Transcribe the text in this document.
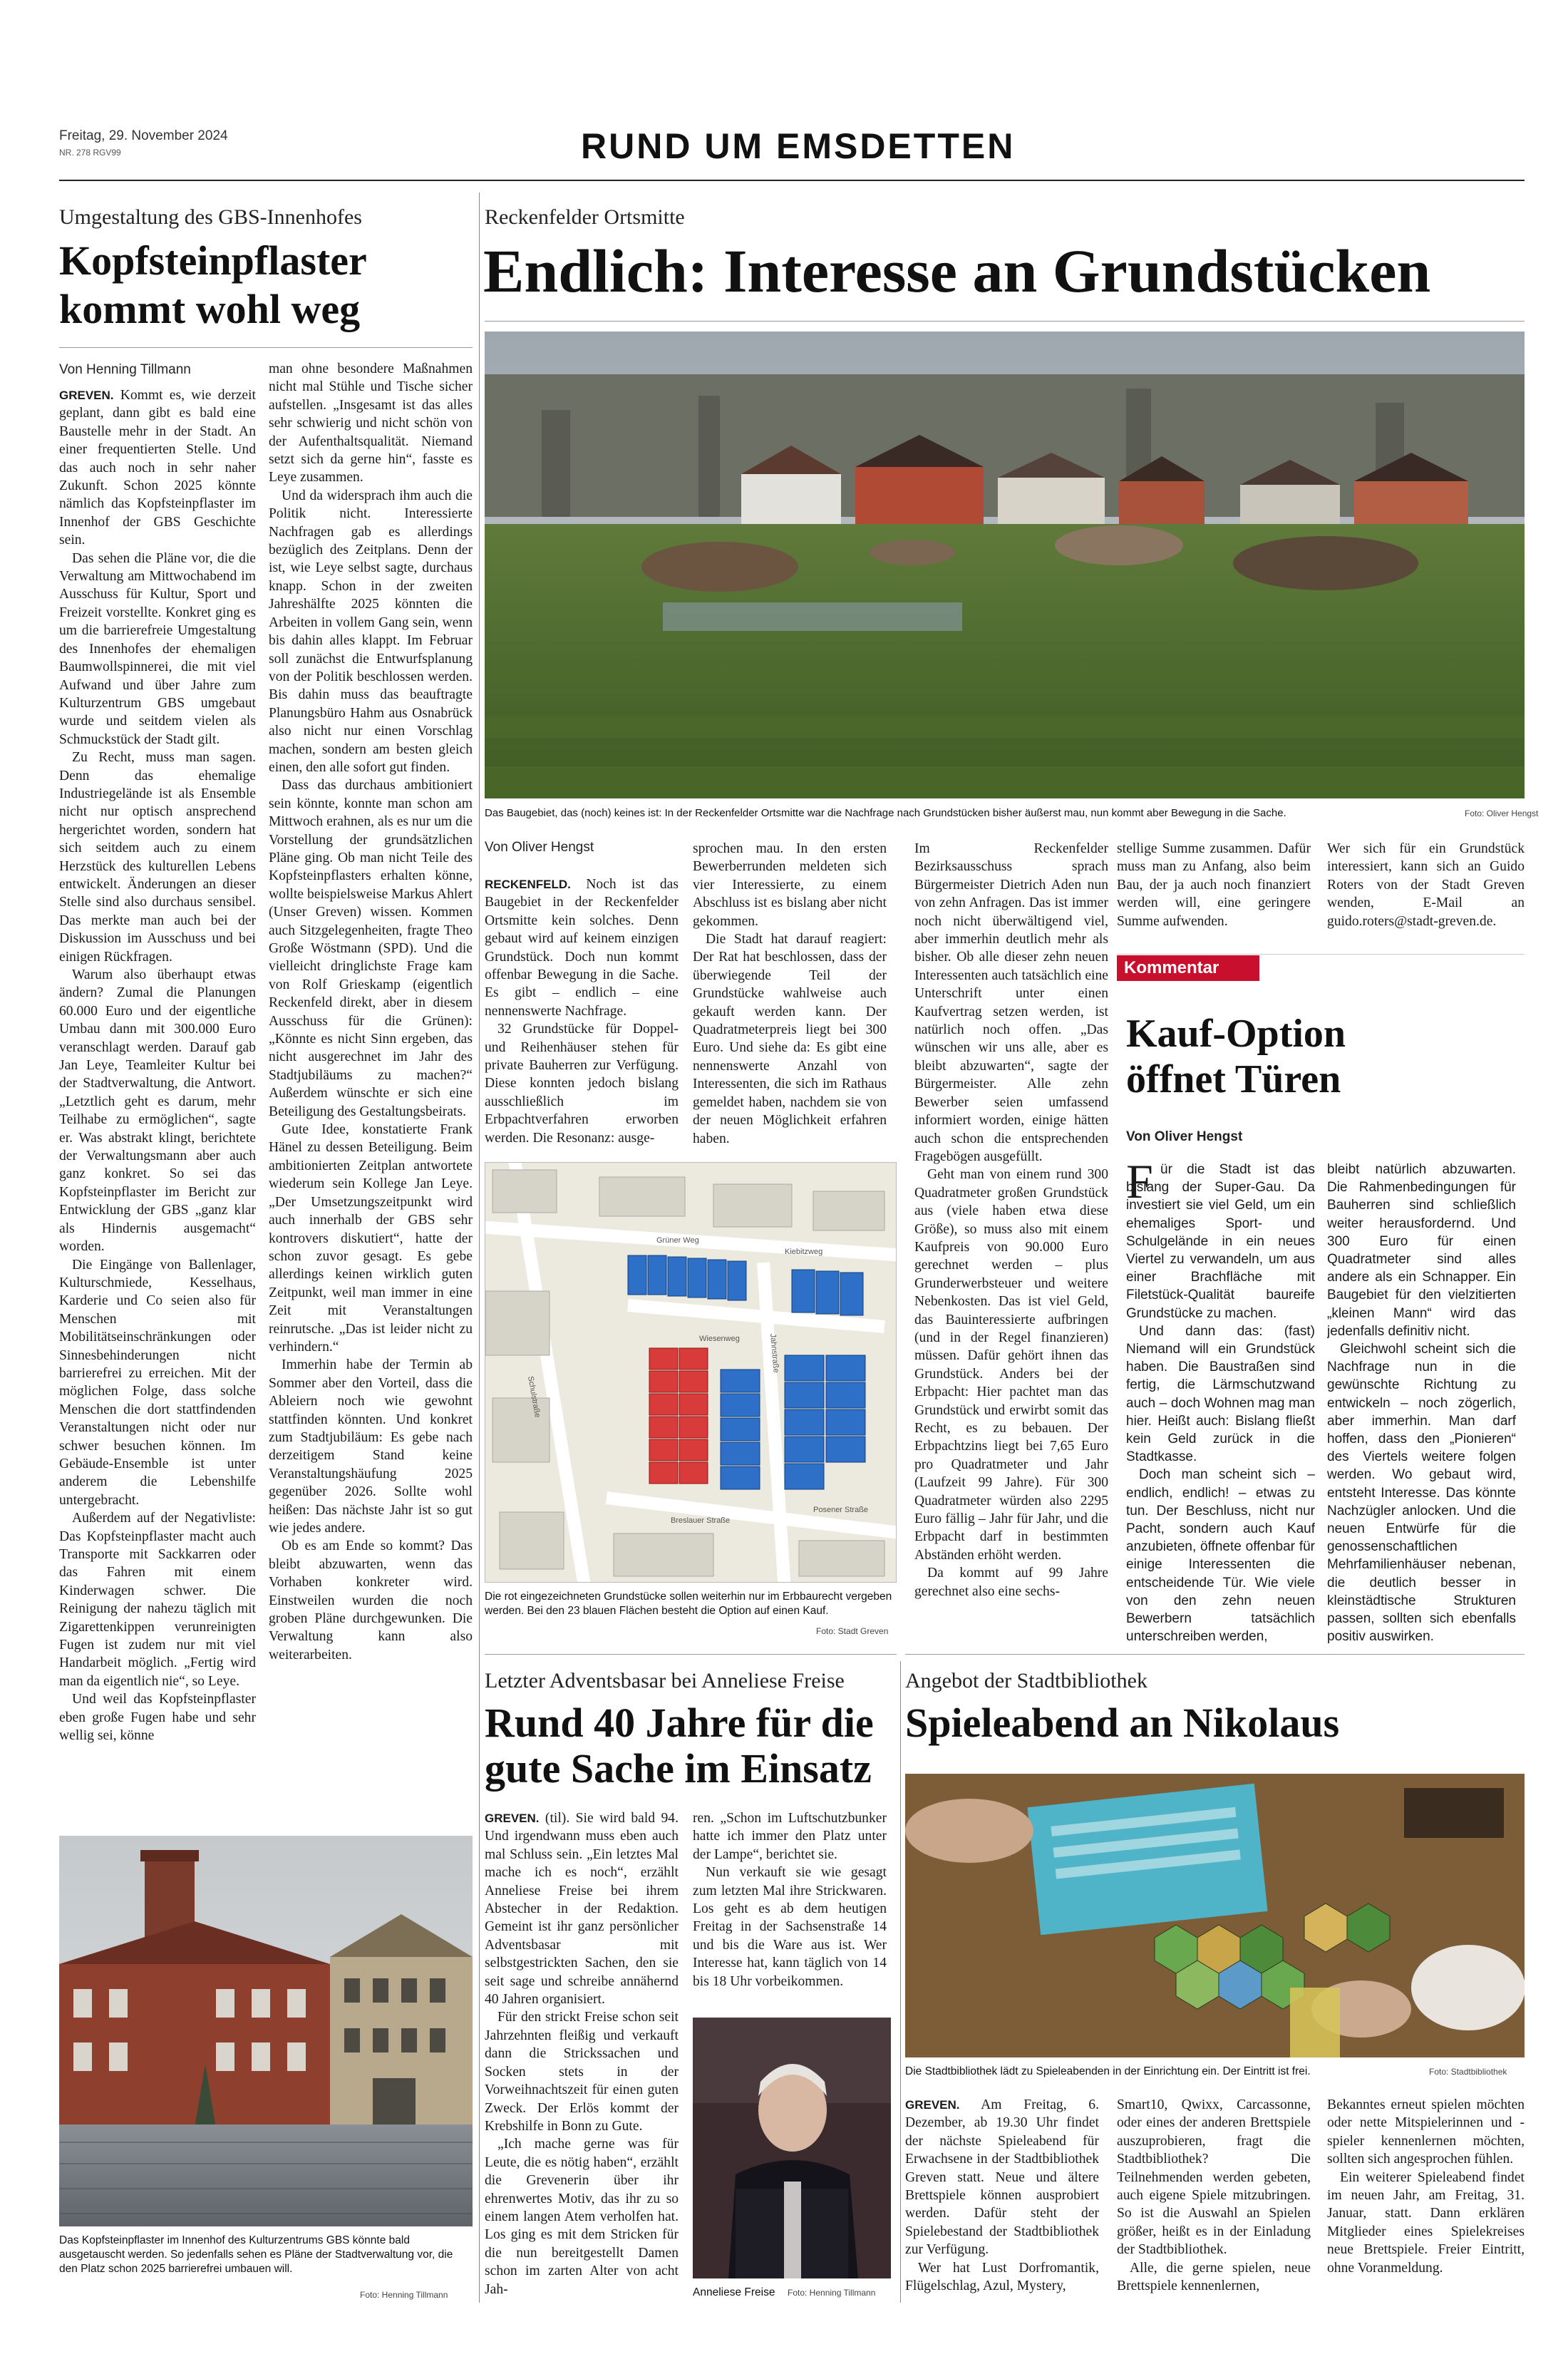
Freitag, 29. November 2024
NR. 278 RGV99	RUND UM EMSDETTEN
Umgestaltung des GBS-Innenhofes
Kopfsteinpflaster
kommt wohl weg
Von Henning Tillmann

GREVEN. Kommt es, wie derzeit geplant, dann gibt es bald eine Baustelle mehr in der Stadt. An einer frequentierten Stelle. Und das auch noch in sehr naher Zukunft. Schon 2025 könnte nämlich das Kopfsteinpflaster im Innenhof der GBS Geschichte sein.

Das sehen die Pläne vor, die die Verwaltung am Mittwochabend im Ausschuss für Kultur, Sport und Freizeit vorstellte. Konkret ging es um die barrierefreie Umgestaltung des Innenhofes der ehemaligen Baumwollspinnerei, die mit viel Aufwand und über Jahre zum Kulturzentrum GBS umgebaut wurde und seitdem vielen als Schmuckstück der Stadt gilt.

Zu Recht, muss man sagen. Denn das ehemalige Industriegelände ist als Ensemble nicht nur optisch ansprechend hergerichtet worden, sondern hat sich seitdem auch zu einem Herzstück des kulturellen Lebens entwickelt. Änderungen an dieser Stelle sind also durchaus sensibel. Das merkte man auch bei der Diskussion im Ausschuss und bei einigen Rückfragen.

Warum also überhaupt etwas ändern? Zumal die Planungen 60.000 Euro und der eigentliche Umbau dann mit 300.000 Euro veranschlagt werden. Darauf gab Jan Leye, Teamleiter Kultur bei der Stadtverwaltung, die Antwort. „Letztlich geht es darum, mehr Teilhabe zu ermöglichen“, sagte er. Was abstrakt klingt, berichtete der Verwaltungsmann aber auch ganz konkret. So sei das Kopfsteinpflaster im Bericht zur Entwicklung der GBS „ganz klar als Hindernis ausgemacht“ worden.

Die Eingänge von Ballenlager, Kulturschmiede, Kesselhaus, Karderie und Co seien also für Menschen mit Mobilitätseinschränkungen oder Sinnesbehinderungen nicht barrierefrei zu erreichen. Mit der möglichen Folge, dass solche Menschen die dort stattfindenden Veranstaltungen nicht oder nur schwer besuchen können. Im Gebäude-Ensemble ist unter anderem die Lebenshilfe untergebracht.

Außerdem auf der Negativliste: Das Kopfsteinpflaster macht auch Transporte mit Sackkarren oder das Fahren mit einem Kinderwagen schwer. Die Reinigung der nahezu täglich mit Zigarettenkippen verunreinigten Fugen ist zudem nur mit viel Handarbeit möglich. „Fertig wird man da eigentlich nie“, so Leye.

Und weil das Kopfsteinpflaster eben große Fugen habe und sehr wellig sei, könne

man ohne besondere Maßnahmen nicht mal Stühle und Tische sicher aufstellen. „Insgesamt ist das alles sehr schwierig und nicht schön von der Aufenthaltsqualität. Niemand setzt sich da gerne hin“, fasste es Leye zusammen.

Und da widersprach ihm auch die Politik nicht. Interessierte Nachfragen gab es allerdings bezüglich des Zeitplans. Denn der ist, wie Leye selbst sagte, durchaus knapp. Schon in der zweiten Jahreshälfte 2025 könnten die Arbeiten in vollem Gang sein, wenn bis dahin alles klappt. Im Februar soll zunächst die Entwurfsplanung von der Politik beschlossen werden. Bis dahin muss das beauftragte Planungsbüro Hahm aus Osnabrück also nicht nur einen Vorschlag machen, sondern am besten gleich einen, den alle sofort gut finden.

Dass das durchaus ambitioniert sein könnte, konnte man schon am Mittwoch erahnen, als es nur um die Vorstellung der grundsätzlichen Pläne ging. Ob man nicht Teile des Kopfsteinpflasters erhalten könne, wollte beispielsweise Markus Ahlert (Unser Greven) wissen. Kommen auch Sitzgelegenheiten, fragte Theo Große Wöstmann (SPD). Und die vielleicht dringlichste Frage kam von Rolf Grieskamp (eigentlich Reckenfeld direkt, aber in diesem Ausschuss für die Grünen): „Könnte es nicht Sinn ergeben, das nicht ausgerechnet im Jahr des Stadtjubiläums zu machen?“ Außerdem wünschte er sich eine Beteiligung des Gestaltungsbeirats.

Gute Idee, konstatierte Frank Hänel zu dessen Beteiligung. Beim ambitionierten Zeitplan antwortete wiederum sein Kollege Jan Leye. „Der Umsetzungszeitpunkt wird auch innerhalb der GBS sehr kontrovers diskutiert“, hatte der schon zuvor gesagt. Es gebe allerdings keinen wirklich guten Zeitpunkt, weil man immer in eine Zeit mit Veranstaltungen reinrutsche. „Das ist leider nicht zu verhindern.“

Immerhin habe der Termin ab Sommer aber den Vorteil, dass die Ableiern noch wie gewohnt stattfinden könnten. Und konkret zum Stadtjubiläum: Es gebe nach derzeitigem Stand keine Veranstaltungshäufung 2025 gegenüber 2026. Sollte wohl heißen: Das nächste Jahr ist so gut wie jedes andere.

Ob es am Ende so kommt? Das bleibt abzuwarten, wenn das Vorhaben konkreter wird. Einstweilen wurden die noch groben Pläne durchgewunken. Die Verwaltung kann also weiterarbeiten.

Das Kopfsteinpflaster im Innenhof des Kulturzentrums GBS könnte bald ausgetauscht werden. So jedenfalls sehen es Pläne der Stadtverwaltung vor, die den Platz schon 2025 barrierefrei umbauen will.
Foto: Henning Tillmann
Reckenfelder Ortsmitte
Endlich: Interesse an Grundstücken
Das Baugebiet, das (noch) keines ist: In der Reckenfelder Ortsmitte war die Nachfrage nach Grundstücken bisher äußerst mau, nun kommt aber Bewegung in die Sache.	Foto: Oliver Hengst
Von Oliver Hengst

RECKENFELD. Noch ist das Baugebiet in der Reckenfelder Ortsmitte kein solches. Denn gebaut wird auf keinem einzigen Grundstück. Doch nun kommt offenbar Bewegung in die Sache. Es gibt – endlich – eine nennenswerte Nachfrage.

32 Grundstücke für Doppel- und Reihenhäuser stehen für private Bauherren zur Verfügung. Diese konnten jedoch bislang ausschließlich im Erbpachtverfahren erworben werden. Die Resonanz: ausge-

sprochen mau. In den ersten Bewerberrunden meldeten sich vier Interessierte, zu einem Abschluss ist es bislang aber nicht gekommen.

Die Stadt hat darauf reagiert: Der Rat hat beschlossen, dass der überwiegende Teil der Grundstücke wahlweise auch gekauft werden kann. Der Quadratmeterpreis liegt bei 300 Euro. Und siehe da: Es gibt eine nennenswerte Anzahl von Interessenten, die sich im Rathaus gemeldet haben, nachdem sie von der neuen Möglichkeit erfahren haben.

Im Reckenfelder Bezirksausschuss sprach Bürgermeister Dietrich Aden nun von zehn Anfragen. Das ist immer noch nicht überwältigend viel, aber immerhin deutlich mehr als bisher. Ob alle dieser zehn neuen Interessenten auch tatsächlich eine Unterschrift unter einen Kaufvertrag setzen werden, ist natürlich noch offen. „Das wünschen wir uns alle, aber es bleibt abzuwarten“, sagte der Bürgermeister. Alle zehn Bewerber seien umfassend informiert worden, einige hätten auch schon die entsprechenden Fragebögen ausgefüllt.

Geht man von einem rund 300 Quadratmeter großen Grundstück aus (viele haben etwa diese Größe), so muss also mit einem Kaufpreis von 90.000 Euro gerechnet werden – plus Grunderwerbsteuer und weitere Nebenkosten. Das ist viel Geld, das Bauinteressierte aufbringen (und in der Regel finanzieren) müssen. Dafür gehört ihnen das Grundstück. Anders bei der Erbpacht: Hier pachtet man das Grundstück und erwirbt somit das Recht, es zu bebauen. Der Erbpachtzins liegt bei 7,65 Euro pro Quadratmeter und Jahr (Laufzeit 99 Jahre). Für 300 Quadratmeter würden also 2295 Euro fällig – Jahr für Jahr, und die Erbpacht darf in bestimmten Abständen erhöht werden.

Da kommt auf 99 Jahre gerechnet also eine sechs-

stellige Summe zusammen. Dafür muss man zu Anfang, also beim Bau, der ja auch noch finanziert werden will, eine geringere Summe aufwenden.

Wer sich für ein Grundstück interessiert, kann sich an Guido Roters von der Stadt Greven wenden, E-Mail an guido.roters@stadt-greven.de.

Grüner Weg
Kiebitzweg
Wiesenweg
Schulstraße
Breslauer Straße
Jahnstraße
Posener Straße
Die rot eingezeichneten Grundstücke sollen weiterhin nur im Erbbaurecht vergeben werden. Bei den 23 blauen Flächen besteht die Option auf einen Kauf.
Foto: Stadt Greven
Kommentar
Kauf-Option
öffnet Türen
Von Oliver Hengst
F ür die Stadt ist das bislang der Super-Gau. Da investiert sie viel Geld, um ein ehemaliges Sport- und Schulgelände in ein neues Viertel zu verwandeln, um aus einer Brachfläche mit Filetstück-Qualität baureife Grundstücke zu machen.

Und dann das: (fast) Niemand will ein Grundstück haben. Die Baustraßen sind fertig, die Lärmschutzwand auch – doch Wohnen mag man hier. Heißt auch: Bislang fließt kein Geld zurück in die Stadtkasse.

Doch man scheint sich – endlich, endlich! – etwas zu tun. Der Beschluss, nicht nur Pacht, sondern auch Kauf anzubieten, öffnete offenbar für einige Interessenten die entscheidende Tür. Wie viele von den zehn neuen Bewerbern tatsächlich unterschreiben werden,

bleibt natürlich abzuwarten. Die Rahmenbedingungen für Bauherren sind schließlich weiter herausfordernd. Und 300 Euro für einen Quadratmeter sind alles andere als ein Schnapper. Ein Baugebiet für den vielzitierten „kleinen Mann“ wird das jedenfalls definitiv nicht.

Gleichwohl scheint sich die Nachfrage nun in die gewünschte Richtung zu entwickeln – noch zögerlich, aber immerhin. Man darf hoffen, dass den „Pionieren“ des Viertels weitere folgen werden. Wo gebaut wird, entsteht Interesse. Das könnte Nachzügler anlocken. Und die neuen Entwürfe für die genossenschaftlichen Mehrfamilienhäuser nebenan, die deutlich besser in kleinstädtische Strukturen passen, sollten sich ebenfalls positiv auswirken.

Letzter Adventsbasar bei Anneliese Freise
Rund 40 Jahre für die
gute Sache im Einsatz

GREVEN. (til). Sie wird bald 94. Und irgendwann muss eben auch mal Schluss sein. „Ein letztes Mal mache ich es noch“, erzählt Anneliese Freise bei ihrem Abstecher in der Redaktion. Gemeint ist ihr ganz persönlicher Adventsbasar mit selbstgestrickten Sachen, den sie seit sage und schreibe annähernd 40 Jahren organisiert.

Für den strickt Freise schon seit Jahrzehnten fleißig und verkauft dann die Strickssachen und Socken stets in der Vorweihnachtszeit für einen guten Zweck. Der Erlös kommt der Krebshilfe in Bonn zu Gute.

„Ich mache gerne was für Leute, die es nötig haben“, erzählt die Grevenerin über ihr ehrenwertes Motiv, das ihr zu so einem langen Atem verholfen hat. Los ging es mit dem Stricken für die nun bereitgestellt Damen schon im zarten Alter von acht Jah-

ren. „Schon im Luftschutzbunker hatte ich immer den Platz unter der Lampe“, berichtet sie.

Nun verkauft sie wie gesagt zum letzten Mal ihre Strickwaren. Los geht es ab dem heutigen Freitag in der Sachsenstraße 14 und bis die Ware aus ist. Wer Interesse hat, kann täglich von 14 bis 18 Uhr vorbeikommen.

Anneliese Freise Foto: Henning Tillmann
Angebot der Stadtbibliothek
Spieleabend an Nikolaus
Die Stadtbibliothek lädt zu Spieleabenden in der Einrichtung ein. Der Eintritt ist frei.	Foto: Stadtbibliothek

GREVEN. Am Freitag, 6. Dezember, ab 19.30 Uhr findet der nächste Spieleabend für Erwachsene in der Stadtbibliothek Greven statt. Neue und ältere Brettspiele können ausprobiert werden. Dafür steht der Spielebestand der Stadtbibliothek zur Verfügung.

Wer hat Lust Dorfromantik, Flügelschlag, Azul, Mystery,

Smart10, Qwixx, Carcassonne, oder eines der anderen Brettspiele auszuprobieren, fragt die Stadtbibliothek? Die Teilnehmenden werden gebeten, auch eigene Spiele mitzubringen. So ist die Auswahl an Spielen größer, heißt es in der Einladung der Stadtbibliothek.

Alle, die gerne spielen, neue Brettspiele kennenlernen,

Bekanntes erneut spielen möchten oder nette Mitspielerinnen und -spieler kennenlernen möchten, sollten sich angesprochen fühlen.

Ein weiterer Spieleabend findet im neuen Jahr, am Freitag, 31. Januar, statt. Dann erklären Mitglieder eines Spielekreises neue Brettspiele. Freier Eintritt, ohne Voranmeldung.
